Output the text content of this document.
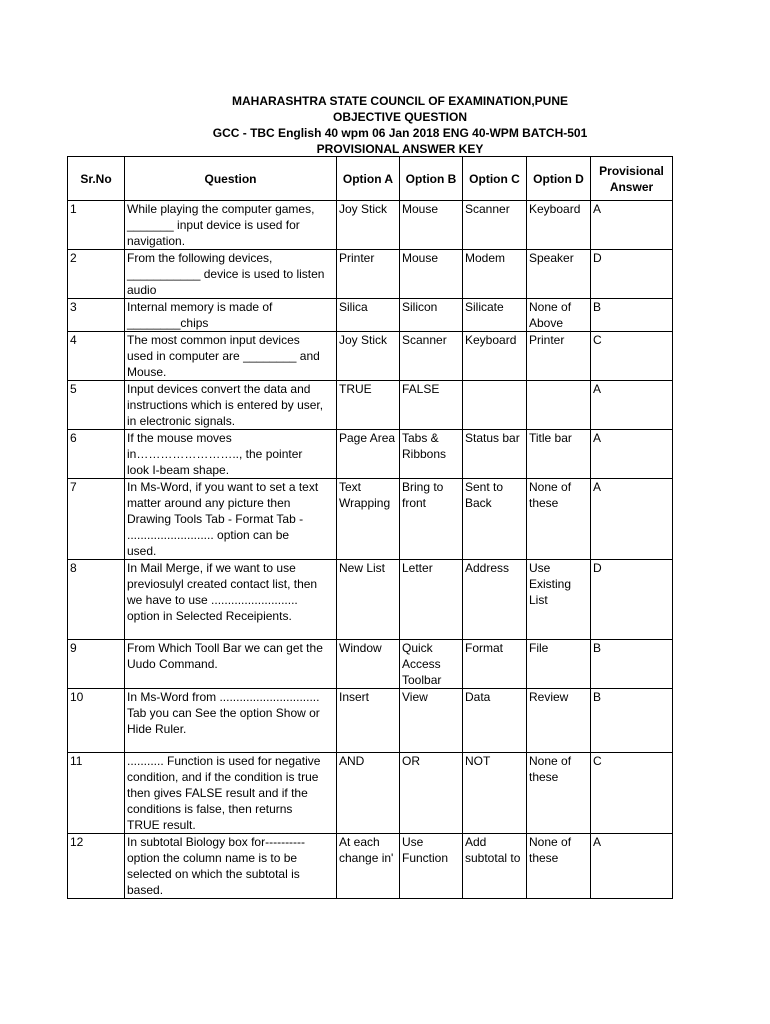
MAHARASHTRA STATE COUNCIL OF EXAMINATION,PUNE
OBJECTIVE QUESTION
GCC - TBC English 40 wpm 06 Jan 2018 ENG 40-WPM BATCH-501
PROVISIONAL ANSWER KEY
Sr.No	Question	Option A	Option B	Option C	Option D	Provisional
Answer
1	While playing the computer games,
_______ input device is used for
navigation.	Joy Stick	Mouse	Scanner	Keyboard	A
2	From the following devices,
___________ device is used to listen
audio	Printer	Mouse	Modem	Speaker	D
3	Internal memory is made of
________chips	Silica	Silicon	Silicate	None of
Above	B
4	The most common input devices
used in computer are ________ and
Mouse.	Joy Stick	Scanner	Keyboard	Printer	C
5	Input devices convert the data and
instructions which is entered by user,
in electronic signals.	TRUE	FALSE			A
6	If the mouse moves
in…………………….., the pointer
look I-beam shape.	Page Area	Tabs &
Ribbons	Status bar	Title bar	A
7	In Ms-Word, if you want to set a text
matter around any picture then
Drawing Tools Tab - Format Tab -
.......................... option can be
used.	Text
Wrapping	Bring to
front	Sent to
Back	None of
these	A
8	In Mail Merge, if we want to use
previosulyl created contact list, then
we have to use ..........................
option in Selected Receipients.	New List	Letter	Address	Use
Existing
List	D
9	From Which Tooll Bar we can get the
Uudo Command.	Window	Quick
Access
Toolbar	Format	File	B
10	In Ms-Word from ..............................
Tab you can See the option Show or
Hide Ruler.	Insert	View	Data	Review	B
11	........... Function is used for negative
condition, and if the condition is true
then gives FALSE result and if the
conditions is false, then returns
TRUE result.	AND	OR	NOT	None of
these	C
12	In subtotal Biology box for----------
option the column name is to be
selected on which the subtotal is
based.	At each
change in'	Use
Function	Add
subtotal to	None of
these	A
